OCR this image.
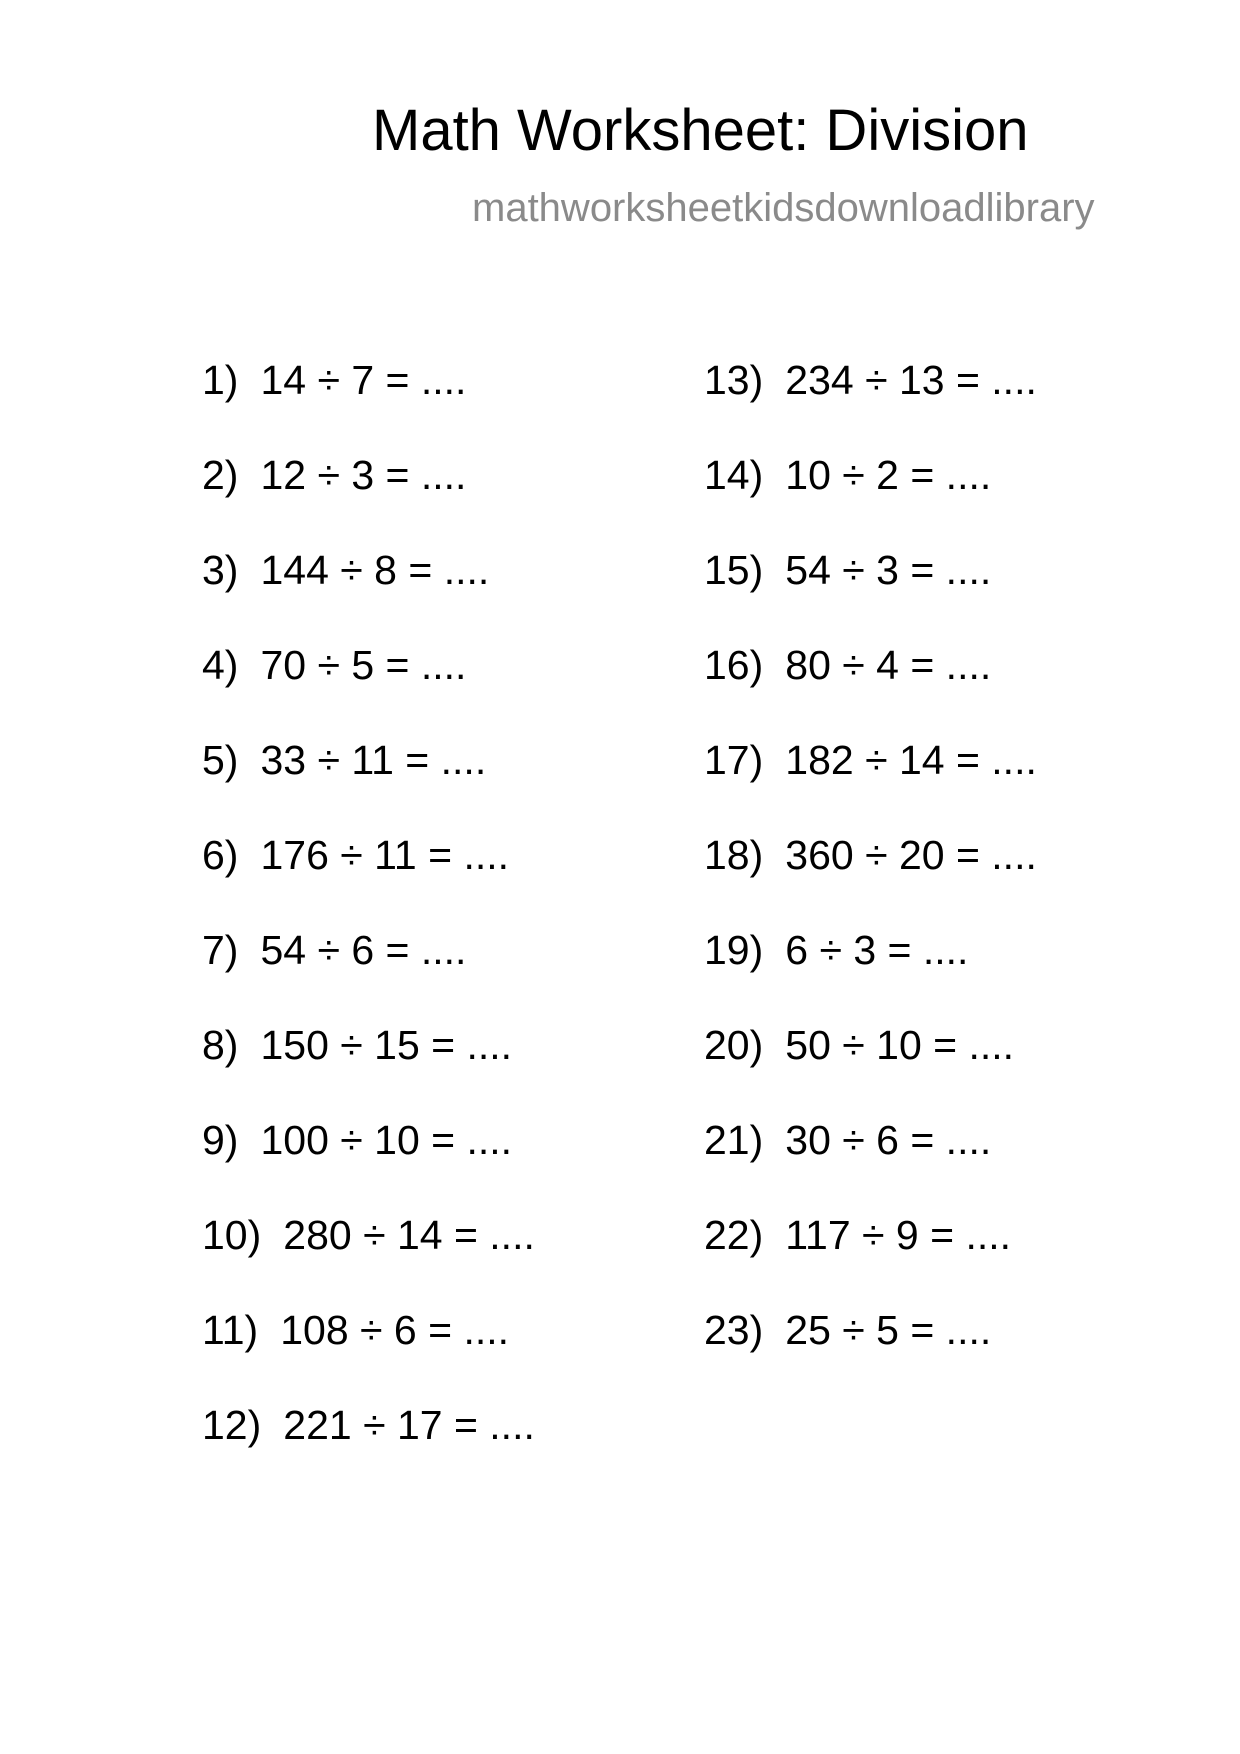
Math Worksheet: Division
mathworksheetkidsdownloadlibrary
1) 14 ÷ 7 = ....
2) 12 ÷ 3 = ....
3) 144 ÷ 8 = ....
4) 70 ÷ 5 = ....
5) 33 ÷ 11 = ....
6) 176 ÷ 11 = ....
7) 54 ÷ 6 = ....
8) 150 ÷ 15 = ....
9) 100 ÷ 10 = ....
10) 280 ÷ 14 = ....
11) 108 ÷ 6 = ....
12) 221 ÷ 17 = ....
13) 234 ÷ 13 = ....
14) 10 ÷ 2 = ....
15) 54 ÷ 3 = ....
16) 80 ÷ 4 = ....
17) 182 ÷ 14 = ....
18) 360 ÷ 20 = ....
19) 6 ÷ 3 = ....
20) 50 ÷ 10 = ....
21) 30 ÷ 6 = ....
22) 117 ÷ 9 = ....
23) 25 ÷ 5 = ....
